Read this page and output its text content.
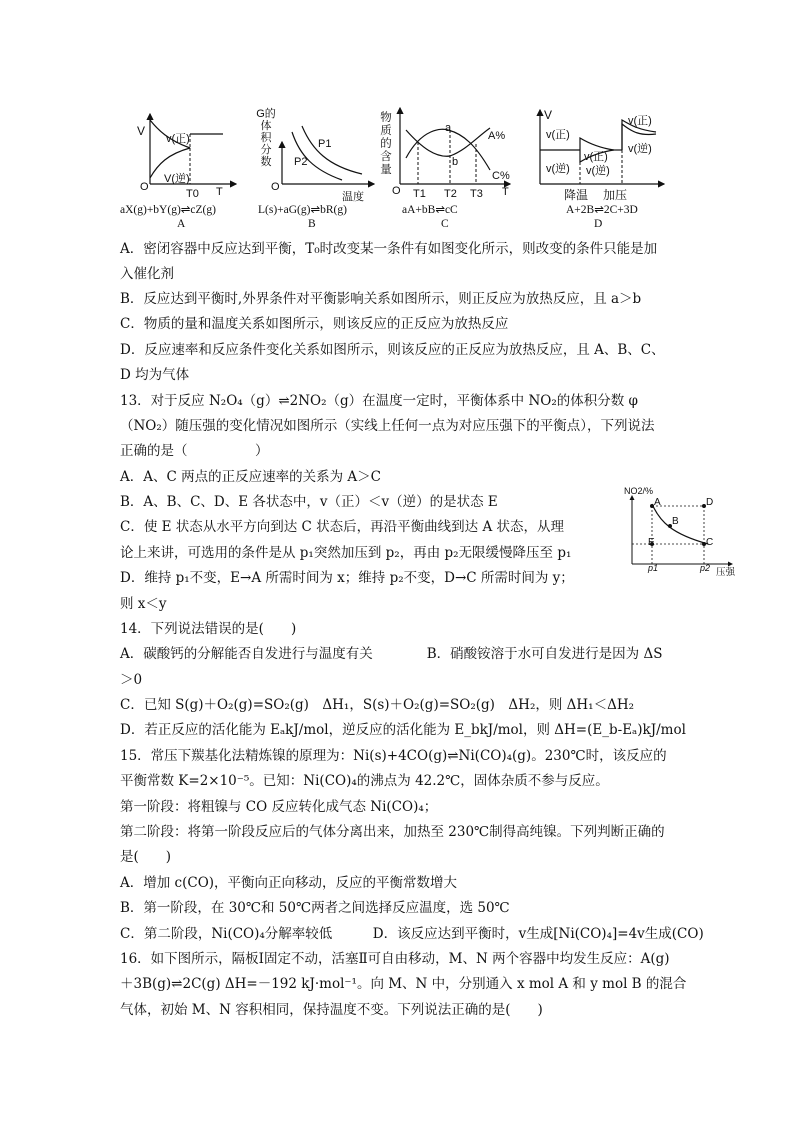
V
v(正)
V(逆)
O
T0 T
aX(g)+bY(g)⇌cZ(g)
A
G的体积分数
P1
P2
O
温度
L(s)+aG(g)⇌bR(g)
B
物质的含量
a
A%
b
C%
O T1 T2 T3 T
aA+bB⇌cC
C
V
v(正)
v(逆) v(逆)
v(正)
v(正)
v(逆)
降温 加压
A+2B⇌2C+3D
D
NO2/%
A	D
B
E	C
p1	p2 压强
A．密闭容器中反应达到平衡，T₀时改变某一条件有如图变化所示，则改变的条件只能是加
入催化剂
B．反应达到平衡时,外界条件对平衡影响关系如图所示，则正反应为放热反应，且 a＞b
C．物质的量和温度关系如图所示，则该反应的正反应为放热反应
D．反应速率和反应条件变化关系如图所示，则该反应的正反应为放热反应，且 A、B、C、
D 均为气体
13．对于反应 N₂O₄（g）⇌2NO₂（g）在温度一定时，平衡体系中 NO₂的体积分数 φ
（NO₂）随压强的变化情况如图所示（实线上任何一点为对应压强下的平衡点），下列说法
正确的是（　　　　　）
A．A、C 两点的正反应速率的关系为 A＞C
B．A、B、C、D、E 各状态中，v（正）＜v（逆）的是状态 E
C．使 E 状态从水平方向到达 C 状态后，再沿平衡曲线到达 A 状态，从理
论上来讲，可选用的条件是从 p₁突然加压到 p₂，再由 p₂无限缓慢降压至 p₁
D．维持 p₁不变，E→A 所需时间为 x；维持 p₂不变，D→C 所需时间为 y；
则 x＜y
14．下列说法错误的是(　　)
A．碳酸钙的分解能否自发进行与温度有关　　　　B．硝酸铵溶于水可自发进行是因为 ΔS
＞0
C．已知 S(g)＋O₂(g)=SO₂(g)　ΔH₁，S(s)＋O₂(g)=SO₂(g)　ΔH₂，则 ΔH₁＜ΔH₂
D．若正反应的活化能为 EₐkJ/mol，逆反应的活化能为 E_bkJ/mol，则 ΔH=(E_b-Eₐ)kJ/mol
15．常压下羰基化法精炼镍的原理为：Ni(s)+4CO(g)⇌Ni(CO)₄(g)。230℃时，该反应的
平衡常数 K=2×10⁻⁵。已知：Ni(CO)₄的沸点为 42.2℃，固体杂质不参与反应。
第一阶段：将粗镍与 CO 反应转化成气态 Ni(CO)₄；
第二阶段：将第一阶段反应后的气体分离出来，加热至 230℃制得高纯镍。下列判断正确的
是(　　)
A．增加 c(CO)，平衡向正向移动，反应的平衡常数增大
B．第一阶段，在 30℃和 50℃两者之间选择反应温度，选 50℃
C．第二阶段，Ni(CO)₄分解率较低　　　D．该反应达到平衡时，v生成[Ni(CO)₄]=4v生成(CO)
16．如下图所示，隔板Ⅰ固定不动，活塞Ⅱ可自由移动，M、N 两个容器中均发生反应：A(g)
＋3B(g)⇌2C(g) ΔH=－192 kJ·mol⁻¹。向 M、N 中，分别通入 x mol A 和 y mol B 的混合
气体，初始 M、N 容积相同，保持温度不变。下列说法正确的是(　　)
